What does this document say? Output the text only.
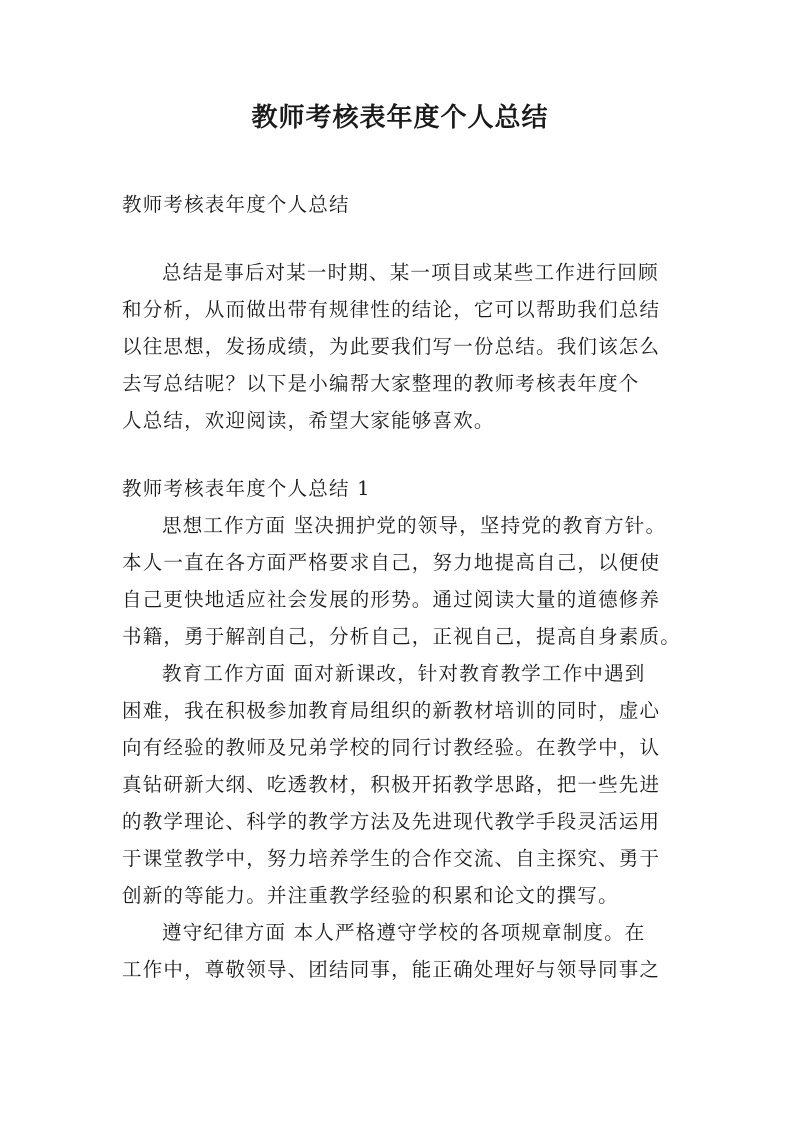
教师考核表年度个人总结
教师考核表年度个人总结
总结是事后对某一时期、某一项目或某些工作进行回顾
和分析，从而做出带有规律性的结论，它可以帮助我们总结
以往思想，发扬成绩，为此要我们写一份总结。我们该怎么
去写总结呢？以下是小编帮大家整理的教师考核表年度个
人总结，欢迎阅读，希望大家能够喜欢。
教师考核表年度个人总结 1
思想工作方面 坚决拥护党的领导，坚持党的教育方针。
本人一直在各方面严格要求自己，努力地提高自己，以便使
自己更快地适应社会发展的形势。通过阅读大量的道德修养
书籍，勇于解剖自己，分析自己，正视自己，提高自身素质。
教育工作方面 面对新课改，针对教育教学工作中遇到
困难，我在积极参加教育局组织的新教材培训的同时，虚心
向有经验的教师及兄弟学校的同行讨教经验。在教学中，认
真钻研新大纲、吃透教材，积极开拓教学思路，把一些先进
的教学理论、科学的教学方法及先进现代教学手段灵活运用
于课堂教学中，努力培养学生的合作交流、自主探究、勇于
创新的等能力。并注重教学经验的积累和论文的撰写。
遵守纪律方面 本人严格遵守学校的各项规章制度。在
工作中，尊敬领导、团结同事，能正确处理好与领导同事之
